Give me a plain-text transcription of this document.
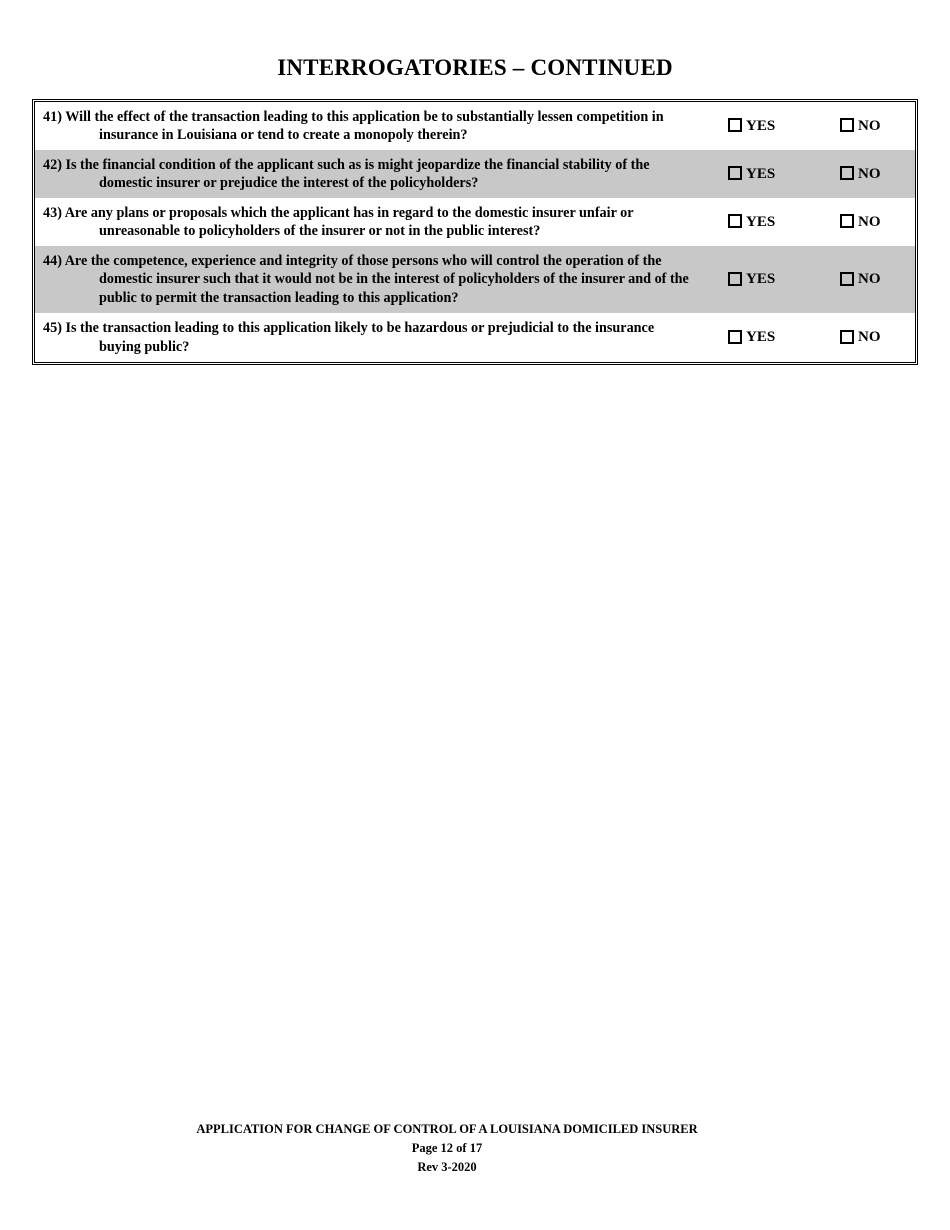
INTERROGATORIES – CONTINUED
41) Will the effect of the transaction leading to this application be to substantially lessen competition in insurance in Louisiana or tend to create a monopoly therein?
YES	NO
42) Is the financial condition of the applicant such as is might jeopardize the financial stability of the domestic insurer or prejudice the interest of the policyholders?
YES	NO
43) Are any plans or proposals which the applicant has in regard to the domestic insurer unfair or unreasonable to policyholders of the insurer or not in the public interest?
YES	NO
44) Are the competence, experience and integrity of those persons who will control the operation of the domestic insurer such that it would not be in the interest of policyholders of the insurer and of the public to permit the transaction leading to this application?
YES	NO
45) Is the transaction leading to this application likely to be hazardous or prejudicial to the insurance buying public?
YES	NO
APPLICATION FOR CHANGE OF CONTROL OF A LOUISIANA DOMICILED INSURER
Page 12 of 17
Rev 3-2020
